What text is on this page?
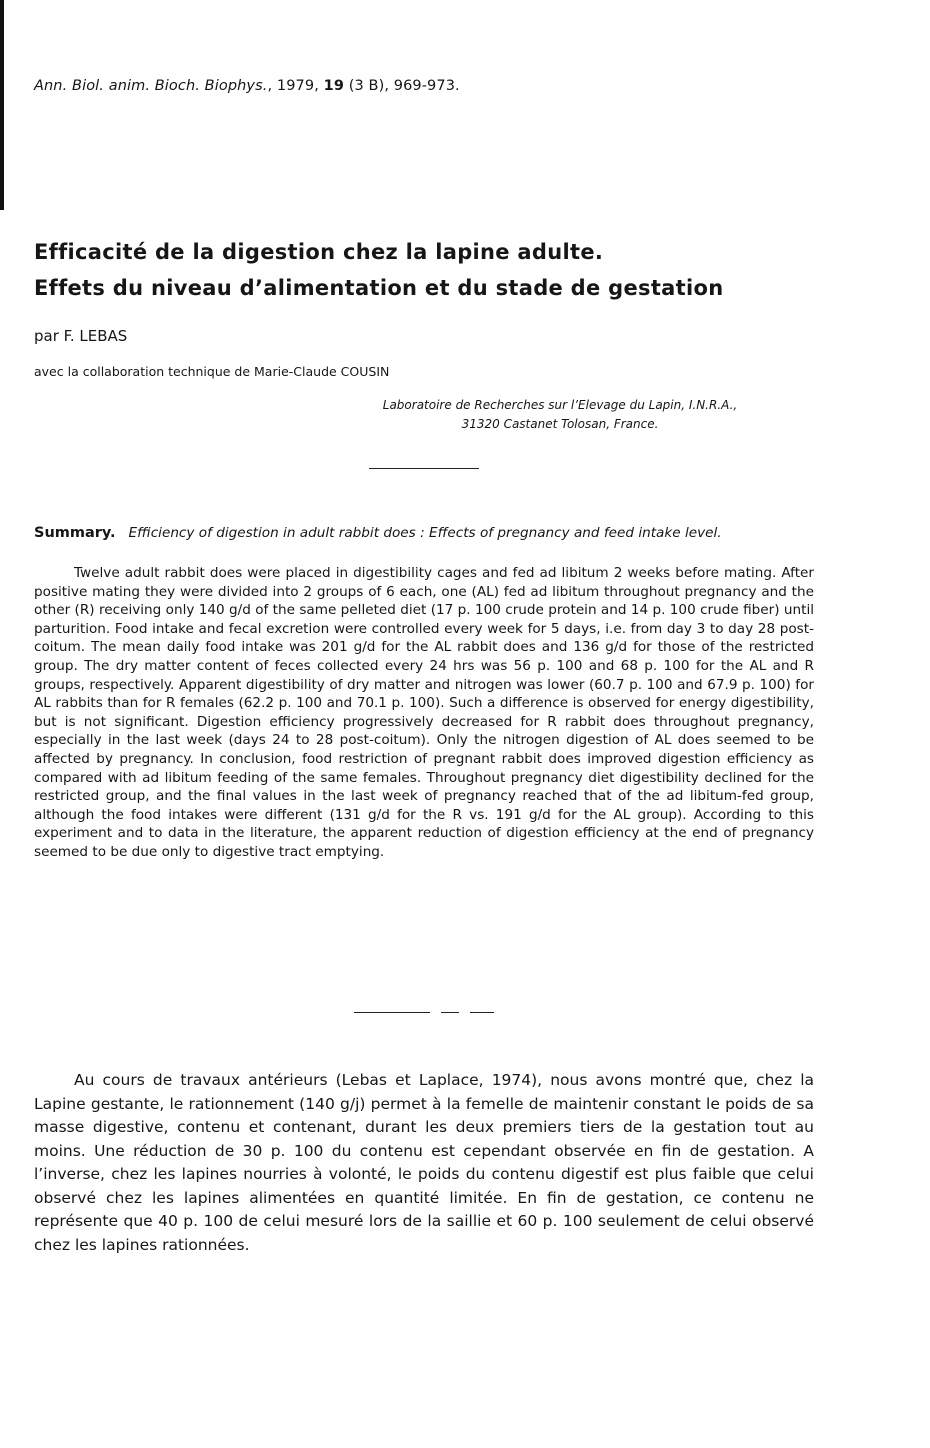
Ann. Biol. anim. Bioch. Biophys., 1979, 19 (3 B), 969-973.
Efficacité de la digestion chez la lapine adulte.
Effets du niveau d’alimentation et du stade de gestation
par F. LEBAS
avec la collaboration technique de Marie-Claude COUSIN
Laboratoire de Recherches sur l’Elevage du Lapin, I.N.R.A.,
31320 Castanet Tolosan, France.
Summary. Efficiency of digestion in adult rabbit does : Effects of pregnancy and feed intake level.
Twelve adult rabbit does were placed in digestibility cages and fed ad libitum 2 weeks before mating. After positive mating they were divided into 2 groups of 6 each, one (AL) fed ad libitum throughout pregnancy and the other (R) receiving only 140 g/d of the same pelleted diet (17 p. 100 crude protein and 14 p. 100 crude fiber) until parturition. Food intake and fecal excretion were controlled every week for 5 days, i.e. from day 3 to day 28 post-coitum. The mean daily food intake was 201 g/d for the AL rabbit does and 136 g/d for those of the restricted group. The dry matter content of feces collected every 24 hrs was 56 p. 100 and 68 p. 100 for the AL and R groups, respectively. Apparent digestibility of dry matter and nitrogen was lower (60.7 p. 100 and 67.9 p. 100) for AL rabbits than for R females (62.2 p. 100 and 70.1 p. 100). Such a difference is observed for energy digestibility, but is not significant. Digestion efficiency progressively decreased for R rabbit does throughout pregnancy, especially in the last week (days 24 to 28 post-coitum). Only the nitrogen digestion of AL does seemed to be affected by pregnancy. In conclusion, food restriction of pregnant rabbit does improved digestion efficiency as compared with ad libitum feeding of the same females. Throughout pregnancy diet digestibility declined for the restricted group, and the final values in the last week of pregnancy reached that of the ad libitum-fed group, although the food intakes were different (131 g/d for the R vs. 191 g/d for the AL group). According to this experiment and to data in the literature, the apparent reduction of digestion efficiency at the end of pregnancy seemed to be due only to digestive tract emptying.
Au cours de travaux antérieurs (Lebas et Laplace, 1974), nous avons montré que, chez la Lapine gestante, le rationnement (140 g/j) permet à la femelle de maintenir constant le poids de sa masse digestive, contenu et contenant, durant les deux premiers tiers de la gestation tout au moins. Une réduction de 30 p. 100 du contenu est cependant observée en fin de gestation. A l’inverse, chez les lapines nourries à volonté, le poids du contenu digestif est plus faible que celui observé chez les lapines alimentées en quantité limitée. En fin de gestation, ce contenu ne représente que 40 p. 100 de celui mesuré lors de la saillie et 60 p. 100 seulement de celui observé chez les lapines rationnées.
